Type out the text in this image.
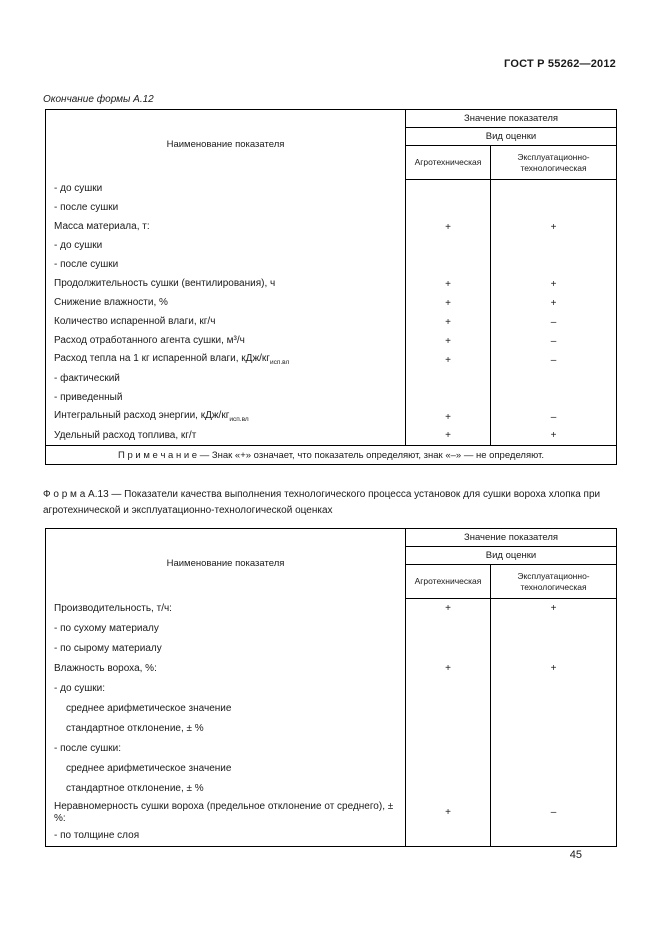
ГОСТ Р 55262—2012
Окончание формы А.12
Наименование показателя	Значение показателя	
	Вид оценки	
	Агротехническая	Эксплуатационно-технологическая
- до сушки		
- после сушки		
Масса материала, т:	+	+
- до сушки		
- после сушки		
Продолжительность сушки (вентилирования), ч	+	+
Снижение влажности, %	+	+
Количество испаренной влаги, кг/ч	+	–
Расход отработанного агента сушки, м³/ч	+	–
Расход тепла на 1 кг испаренной влаги, кДж/$кг_{исп.вл}$	+	–
- фактический		
- приведенный		
Интегральный расход энергии, кДж/$кг_{исп.вл}$	+	–
Удельный расход топлива, кг/т	+	+
П р и м е ч а н и е — Знак «+» означает, что показатель определяют, знак «–» — не определяют.		

Ф о р м а А.13 — Показатели качества выполнения технологического процесса установок для сушки вороха хлопка при агротехнической и эксплуатационно-технологической оценках

Наименование показателя	Значение показателя	
	Вид оценки	
	Агротехническая	Эксплуатационно-технологическая
Производительность, т/ч:	+	+
- по сухому материалу		
- по сырому материалу		
Влажность вороха, %:	+	+
- до сушки:		
среднее арифметическое значение		
стандартное отклонение, ± %		
- после сушки:		
среднее арифметическое значение		
стандартное отклонение, ± %		
Неравномерность сушки вороха (предельное отклонение от среднего), ± %:	+	–
- по толщине слоя		
45
